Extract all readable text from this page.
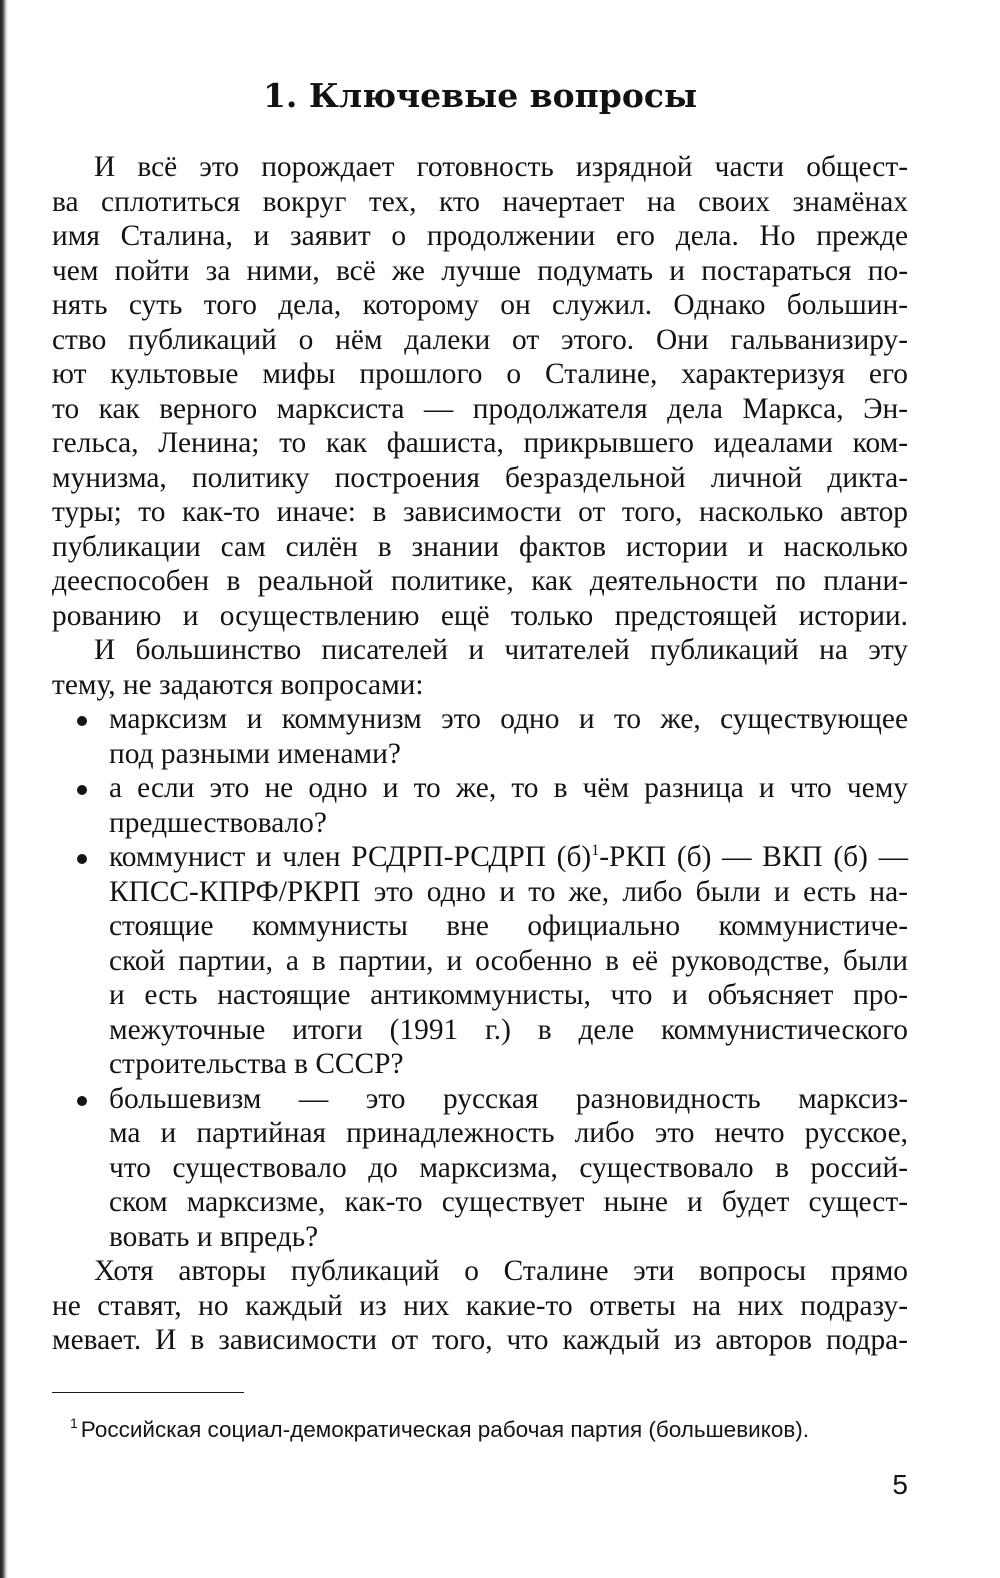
1. Ключевые вопросы

И всё это порождает готовность изрядной части общест-
ва сплотиться вокруг тех, кто начертает на своих знамёнах
имя Сталина, и заявит о продолжении его дела. Но прежде
чем пойти за ними, всё же лучше подумать и постараться по-
нять суть того дела, которому он служил. Однако большин-
ство публикаций о нём далеки от этого. Они гальванизиру-
ют культовые мифы прошлого о Сталине, характеризуя его
то как верного марксиста — продолжателя дела Маркса, Эн-
гельса, Ленина; то как фашиста, прикрывшего идеалами ком-
мунизма, политику построения безраздельной личной дикта-
туры; то как-то иначе: в зависимости от того, насколько автор
публикации сам силён в знании фактов истории и насколько
дееспособен в реальной политике, как деятельности по плани-
рованию и осуществлению ещё только предстоящей истории.

И большинство писателей и читателей публикаций на эту
тему, не задаются вопросами:

марксизм и коммунизм это одно и то же, существующее
под разными именами?
а если это не одно и то же, то в чём разница и что чему
предшествовало?
коммунист и член РСДРП-РСДРП (б)$^1$-РКП (б) — ВКП (б) —
КПСС-КПРФ/РКРП это одно и то же, либо были и есть на-
стоящие коммунисты вне официально коммунистиче-
ской партии, а в партии, и особенно в её руководстве, были
и есть настоящие антикоммунисты, что и объясняет про-
межуточные итоги (1991 г.) в деле коммунистического
строительства в СССР?
большевизм — это русская разновидность марксиз-
ма и партийная принадлежность либо это нечто русское,
что существовало до марксизма, существовало в россий-
ском марксизме, как-то существует ныне и будет сущест-
вовать и впредь?

Хотя авторы публикаций о Сталине эти вопросы прямо
не ставят, но каждый из них какие-то ответы на них подразу-
мевает. И в зависимости от того, что каждый из авторов подра-

$^1$ Российская социал-демократическая рабочая партия (большевиков).
5
